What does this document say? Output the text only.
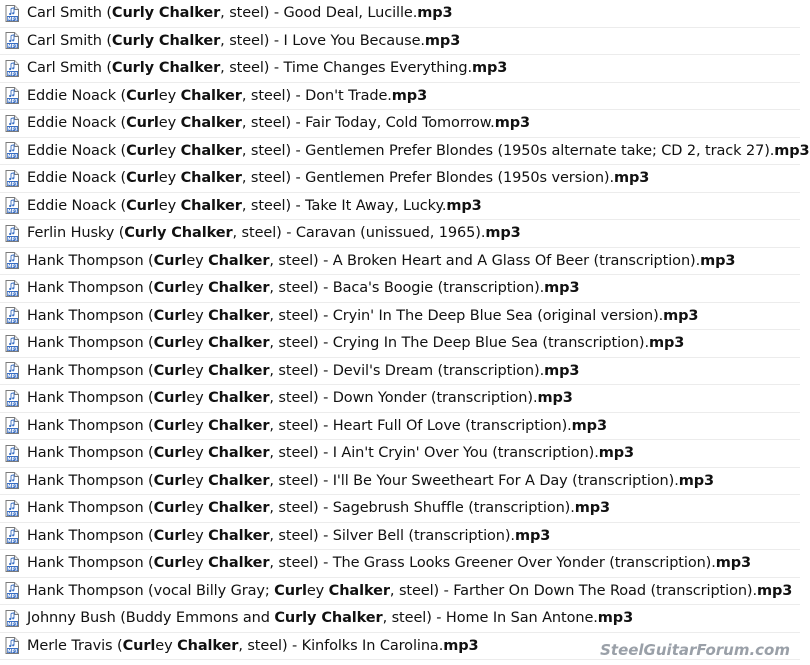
MP3 Carl Smith (Curly Chalker, steel) - Good Deal, Lucille.mp3
MP3 Carl Smith (Curly Chalker, steel) - I Love You Because.mp3
MP3 Carl Smith (Curly Chalker, steel) - Time Changes Everything.mp3
MP3 Eddie Noack (Curley Chalker, steel) - Don't Trade.mp3
MP3 Eddie Noack (Curley Chalker, steel) - Fair Today, Cold Tomorrow.mp3
MP3 Eddie Noack (Curley Chalker, steel) - Gentlemen Prefer Blondes (1950s alternate take; CD 2, track 27).mp3
MP3 Eddie Noack (Curley Chalker, steel) - Gentlemen Prefer Blondes (1950s version).mp3
MP3 Eddie Noack (Curley Chalker, steel) - Take It Away, Lucky.mp3
MP3 Ferlin Husky (Curly Chalker, steel) - Caravan (unissued, 1965).mp3
MP3 Hank Thompson (Curley Chalker, steel) - A Broken Heart and A Glass Of Beer (transcription).mp3
MP3 Hank Thompson (Curley Chalker, steel) - Baca's Boogie (transcription).mp3
MP3 Hank Thompson (Curley Chalker, steel) - Cryin' In The Deep Blue Sea (original version).mp3
MP3 Hank Thompson (Curley Chalker, steel) - Crying In The Deep Blue Sea (transcription).mp3
MP3 Hank Thompson (Curley Chalker, steel) - Devil's Dream (transcription).mp3
MP3 Hank Thompson (Curley Chalker, steel) - Down Yonder (transcription).mp3
MP3 Hank Thompson (Curley Chalker, steel) - Heart Full Of Love (transcription).mp3
MP3 Hank Thompson (Curley Chalker, steel) - I Ain't Cryin' Over You (transcription).mp3
MP3 Hank Thompson (Curley Chalker, steel) - I'll Be Your Sweetheart For A Day (transcription).mp3
MP3 Hank Thompson (Curley Chalker, steel) - Sagebrush Shuffle (transcription).mp3
MP3 Hank Thompson (Curley Chalker, steel) - Silver Bell (transcription).mp3
MP3 Hank Thompson (Curley Chalker, steel) - The Grass Looks Greener Over Yonder (transcription).mp3
MP3 Hank Thompson (vocal Billy Gray; Curley Chalker, steel) - Farther On Down The Road (transcription).mp3
MP3 Johnny Bush (Buddy Emmons and Curly Chalker, steel) - Home In San Antone.mp3
MP3 Merle Travis (Curley Chalker, steel) - Kinfolks In Carolina.mp3	SteelGuitarForum.com
